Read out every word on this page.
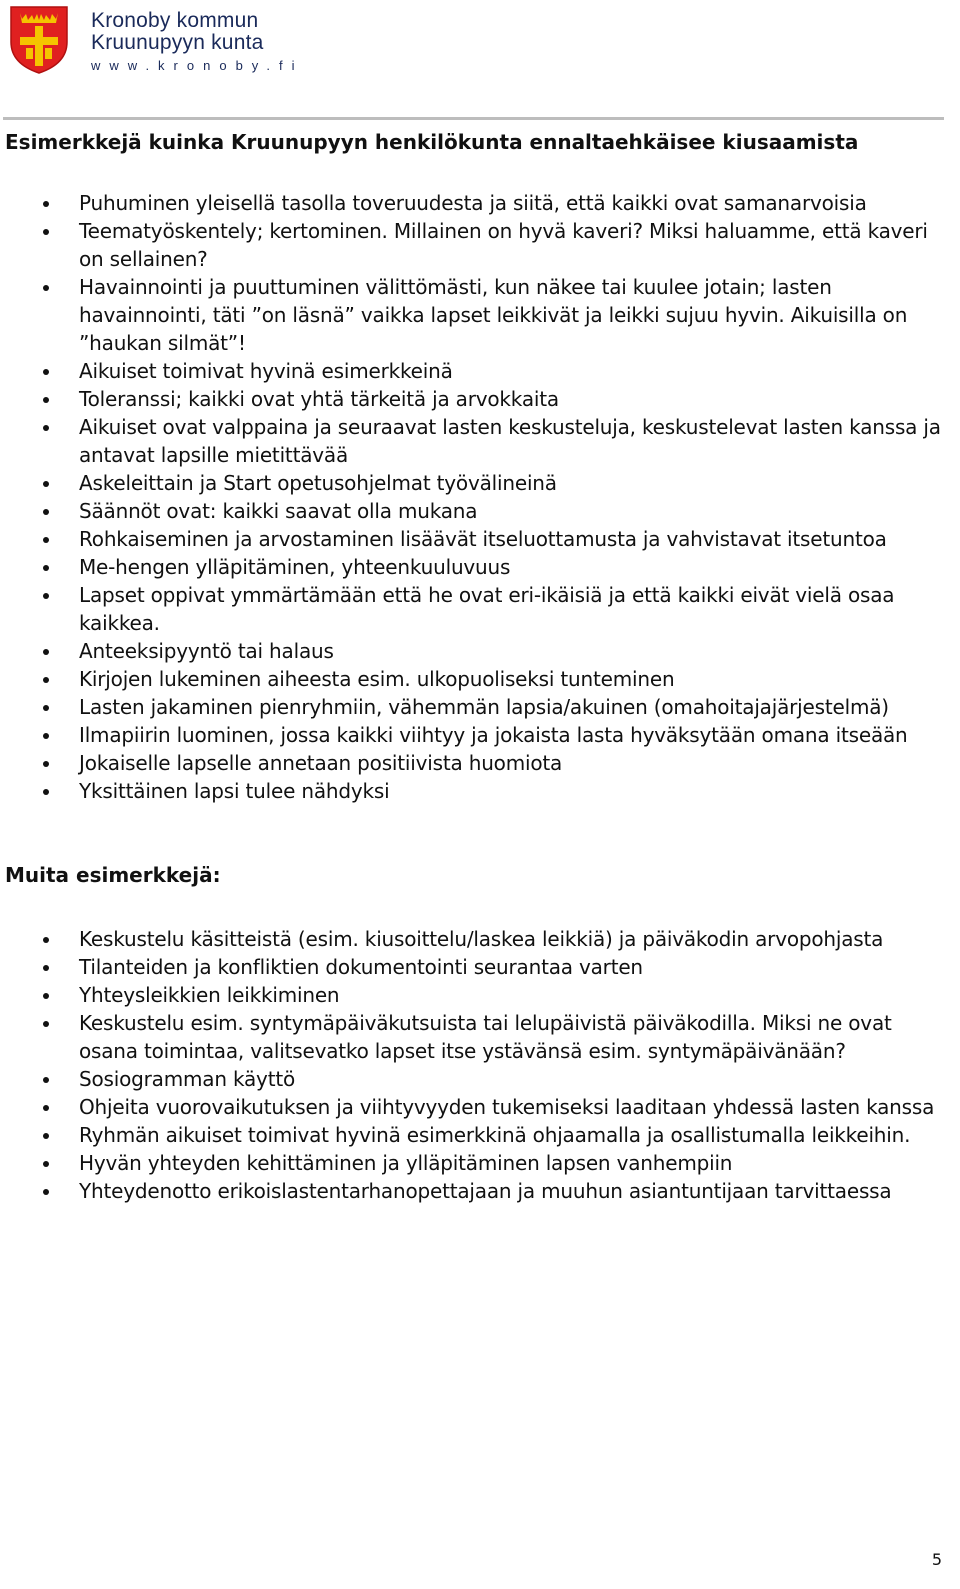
Kronoby kommun
Kruunupyyn kunta
www.kronoby.fi
Esimerkkejä kuinka Kruunupyyn henkilökunta ennaltaehkäisee kiusaamista
Puhuminen yleisellä tasolla toveruudesta ja siitä, että kaikki ovat samanarvoisia
Teematyöskentely; kertominen. Millainen on hyvä kaveri? Miksi haluamme, että kaveri on sellainen?
Havainnointi ja puuttuminen välittömästi, kun näkee tai kuulee jotain; lasten havainnointi, täti ”on läsnä” vaikka lapset leikkivät ja leikki sujuu hyvin. Aikuisilla on ”haukan silmät”!
Aikuiset toimivat hyvinä esimerkkeinä
Toleranssi; kaikki ovat yhtä tärkeitä ja arvokkaita
Aikuiset ovat valppaina ja seuraavat lasten keskusteluja, keskustelevat lasten kanssa ja antavat lapsille mietittävää
Askeleittain ja Start opetusohjelmat työvälineinä
Säännöt ovat: kaikki saavat olla mukana
Rohkaiseminen ja arvostaminen lisäävät itseluottamusta ja vahvistavat itsetuntoa
Me-hengen ylläpitäminen, yhteenkuuluvuus
Lapset oppivat ymmärtämään että he ovat eri-ikäisiä ja että kaikki eivät vielä osaa kaikkea.
Anteeksipyyntö tai halaus
Kirjojen lukeminen aiheesta esim. ulkopuoliseksi tunteminen
Lasten jakaminen pienryhmiin, vähemmän lapsia/akuinen (omahoitajajärjestelmä)
Ilmapiirin luominen, jossa kaikki viihtyy ja jokaista lasta hyväksytään omana itseään
Jokaiselle lapselle annetaan positiivista huomiota
Yksittäinen lapsi tulee nähdyksi
Muita esimerkkejä:
Keskustelu käsitteistä (esim. kiusoittelu/laskea leikkiä) ja päiväkodin arvopohjasta
Tilanteiden ja konfliktien dokumentointi seurantaa varten
Yhteysleikkien leikkiminen
Keskustelu esim. syntymäpäiväkutsuista tai lelupäivistä päiväkodilla. Miksi ne ovat osana toimintaa, valitsevatko lapset itse ystävänsä esim. syntymäpäivänään?
Sosiogramman käyttö
Ohjeita vuorovaikutuksen ja viihtyvyyden tukemiseksi laaditaan yhdessä lasten kanssa
Ryhmän aikuiset toimivat hyvinä esimerkkinä ohjaamalla ja osallistumalla leikkeihin.
Hyvän yhteyden kehittäminen ja ylläpitäminen lapsen vanhempiin
Yhteydenotto erikoislastentarhanopettajaan ja muuhun asiantuntijaan tarvittaessa
5
